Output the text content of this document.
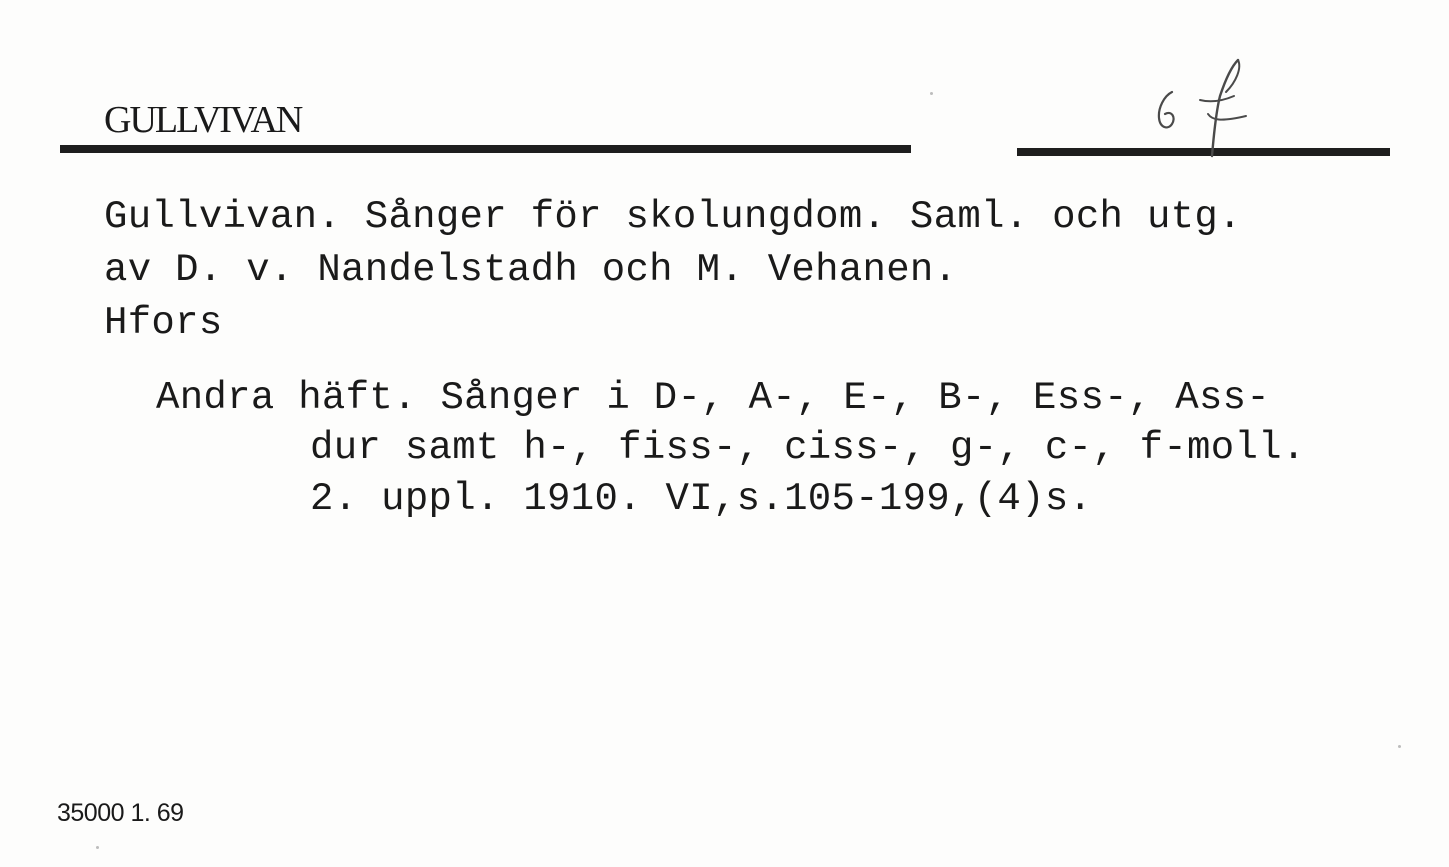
GULLVIVAN
Gullvivan. Sånger för skolungdom. Saml. och utg.
av D. v. Nandelstadh och M. Vehanen.
Hfors
Andra häft. Sånger i D-, A-, E-, B-, Ess-, Ass-
dur samt h-, fiss-, ciss-, g-, c-, f-moll.
2. uppl. 1910. VI,s.105-199,(4)s.
35000 1. 69
